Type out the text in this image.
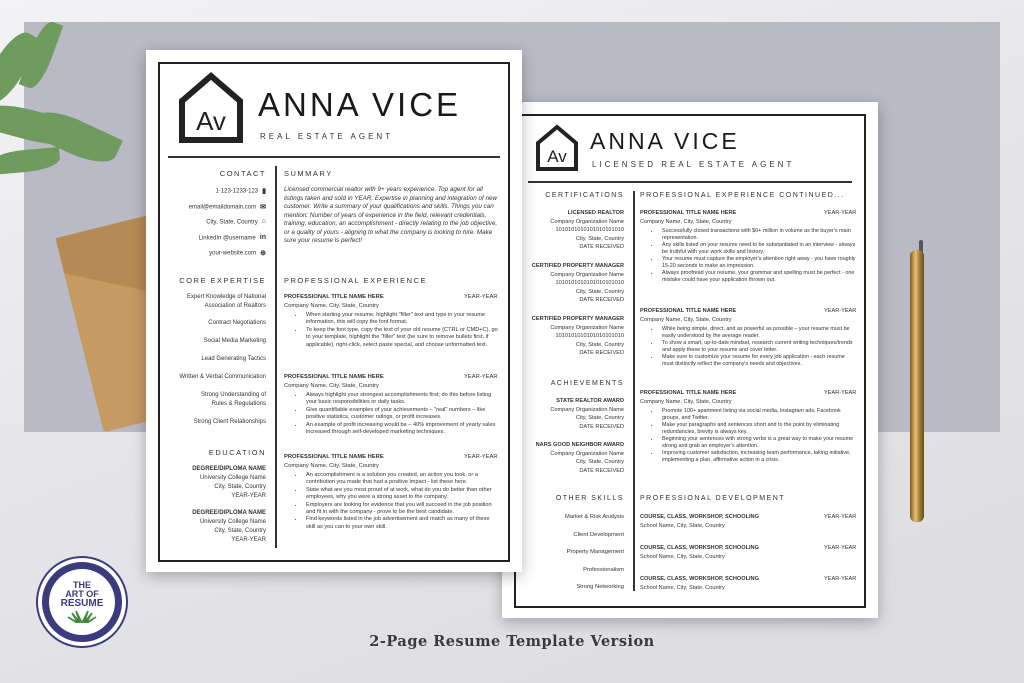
Av
ANNA VICE
LICENSED REAL ESTATE AGENT
CERTIFICATIONS
LICENSED REALTOR
Company Organization Name
1010101010101010101010
City, State, Country
DATE RECEIVED
CERTIFIED PROPERTY MANAGER
Company Organization Name
1010101010101010101010
City, State, Country
DATE RECEIVED
CERTIFIED PROPERTY MANAGER
Company Organization Name
1010101010101010101010
City, State, Country
DATE RECEIVED
ACHIEVEMENTS
STATE REALTOR AWARD
Company Organization Name
City, State, Country
DATE RECEIVED
NARS GOOD NEIGHBOR AWARD
Company Organization Name
City, State, Country
DATE RECEIVED
OTHER SKILLS
Market & Risk Analysis
Client Development
Property Management
Professionalism
Strong Networking
PROFESSIONAL EXPERIENCE CONTINUED...
PROFESSIONAL TITLE NAME HERE	YEAR-YEAR
Company Name, City, State, Country
• Successfully closed transactions with $6+ million in volume as the buyer's main representation.
• Any skills listed on your resume need to be substantiated in an interview - always be truthful with your work skills and history.
• Your resume must capture the employer's attention right away - you have roughly 15-20 seconds to make an impression.
• Always proofread your resume, your grammar and spelling must be perfect - one mistake could have your application thrown out.
PROFESSIONAL TITLE NAME HERE	YEAR-YEAR
Company Name, City, State, Country
• While being simple, direct, and as powerful as possible – your resume must be easily understood by the average reader.
• To show a smart, up-to-date mindset, research current writing techniques/trends and apply these to your resume and cover letter.
• Make sure to customize your resume for every job application - each resume must distinctly reflect the company's needs and objectives.
PROFESSIONAL TITLE NAME HERE	YEAR-YEAR
Company Name, City, State, Country
• Promote 100+ apartment listing via social media, Instagram ads, Facebook groups, and Twitter.
• Make your paragraphs and sentences short and to the point by eliminating redundancies, brevity is always key.
• Beginning your sentences with strong verbs is a great way to make your resume strong and grab an employer's attention.
• Improving customer satisfaction, increasing team performance, taking initiative, implementing a plan, affirmative action in a crisis.
PROFESSIONAL DEVELOPMENT
COURSE, CLASS, WORKSHOP, SCHOOLING	YEAR-YEAR
School Name, City, State, Country
COURSE, CLASS, WORKSHOP, SCHOOLING	YEAR-YEAR
School Name, City, State, Country
COURSE, CLASS, WORKSHOP, SCHOOLING	YEAR-YEAR
School Name, City, State, Country
Av ANNA VICE
REAL ESTATE AGENT
CONTACT
1-123-1233-123 ▮
email@emaildomain.com ✉
City, State, Country ⌂
LinkedIn @username in
your-website.com ⊕
CORE EXPERTISE
Expert Knowledge of National
Association of Realtors
Contract Negotiations
Social Media Marketing
Lead Generating Tactics
Written & Verbal Communication
Strong Understanding of
Rules & Regulations
Strong Client Relationships
EDUCATION
DEGREE/DIPLOMA NAME
University College Name
City, State, Country
YEAR-YEAR
DEGREE/DIPLOMA NAME
University College Name
City, State, Country
YEAR-YEAR
SUMMARY
Licensed commercial realtor with 9+ years experience. Top agent for all listings taken and sold in YEAR. Expertise in planning and integration of new customer. Write a summary of your qualifications and skills. Things you can mention: Number of years of experience in the field, relevant credentials, training, education, an accomplishment - directly relating to the job objective, or a quality of yours - aligning to what the company is looking to hire. Make sure your resume is perfect!
PROFESSIONAL EXPERIENCE
PROFESSIONAL TITLE NAME HERE	YEAR-YEAR
Company Name, City, State, Country
• When starting your resume, highlight "filler" text and type in your resume information, this will copy the font format.
• To keep the font type, copy the text of your old resume (CTRL or CMD+C), go to your template, highlight the "filler" text (be sure to remove bullets first, if applicable), right-click, select paste special, and choose unformatted text.
PROFESSIONAL TITLE NAME HERE	YEAR-YEAR
Company Name, City, State, Country
• Always highlight your strongest accomplishments first; do this before listing your basic responsibilities or daily tasks.
• Give quantifiable examples of your achievements – "real" numbers – like positive statistics, customer ratings, or profit increases.
• An example of profit increasing would be – 40% improvement of yearly sales increased through self-developed marketing techniques.
PROFESSIONAL TITLE NAME HERE	YEAR-YEAR
Company Name, City, State, Country
• An accomplishment is a solution you created, an action you took, or a contribution you made that had a positive impact - list these here.
• State what are you most proud of at work, what do you do better than other employees, why you were a strong asset to the company.
• Employers are looking for evidence that you will succeed in the job position and fit in with the company - prove to be the best candidate.
• Find keywords listed in the job advertisement and match as many of these skill as you can to your own skill.
THE
ART OF
RESUME
2-Page Resume Template Version
